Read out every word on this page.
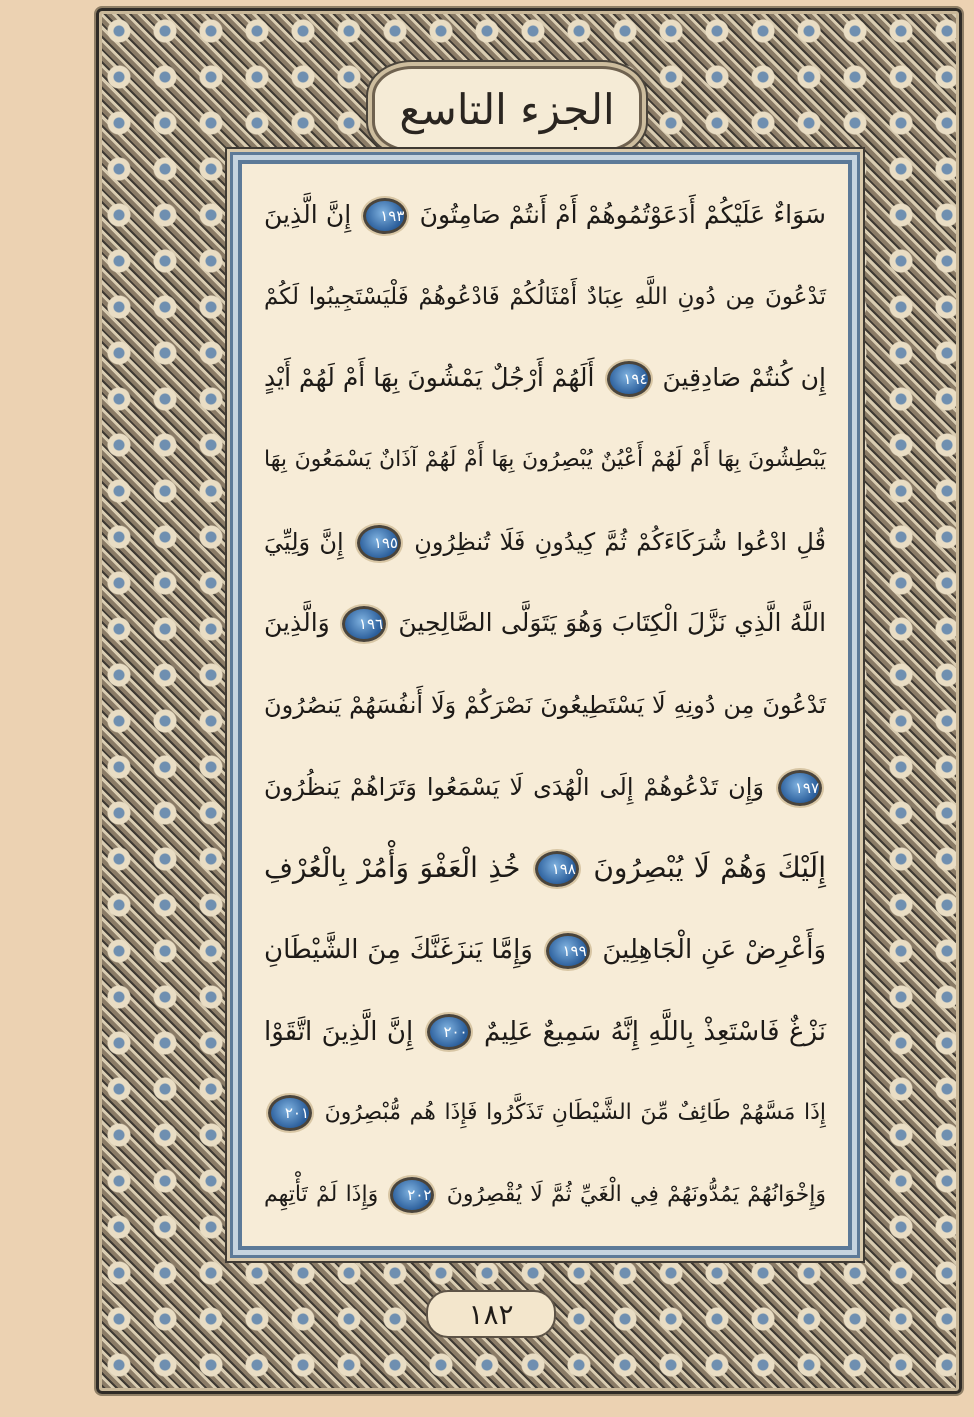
الجزء التاسع
سَوَاءٌ عَلَيْكُمْ أَدَعَوْتُمُوهُمْ أَمْ أَنتُمْ صَامِتُونَ ١٩٣ إِنَّ الَّذِينَ
تَدْعُونَ مِن دُونِ اللَّهِ عِبَادٌ أَمْثَالُكُمْ فَادْعُوهُمْ فَلْيَسْتَجِيبُوا لَكُمْ
إِن كُنتُمْ صَادِقِينَ ١٩٤ أَلَهُمْ أَرْجُلٌ يَمْشُونَ بِهَا أَمْ لَهُمْ أَيْدٍ
يَبْطِشُونَ بِهَا أَمْ لَهُمْ أَعْيُنٌ يُبْصِرُونَ بِهَا أَمْ لَهُمْ آذَانٌ يَسْمَعُونَ بِهَا
قُلِ ادْعُوا شُرَكَاءَكُمْ ثُمَّ كِيدُونِ فَلَا تُنظِرُونِ ١٩٥ إِنَّ وَلِيِّيَ
اللَّهُ الَّذِي نَزَّلَ الْكِتَابَ وَهُوَ يَتَوَلَّى الصَّالِحِينَ ١٩٦ وَالَّذِينَ
تَدْعُونَ مِن دُونِهِ لَا يَسْتَطِيعُونَ نَصْرَكُمْ وَلَا أَنفُسَهُمْ يَنصُرُونَ
١٩٧ وَإِن تَدْعُوهُمْ إِلَى الْهُدَى لَا يَسْمَعُوا وَتَرَاهُمْ يَنظُرُونَ
إِلَيْكَ وَهُمْ لَا يُبْصِرُونَ ١٩٨ خُذِ الْعَفْوَ وَأْمُرْ بِالْعُرْفِ
وَأَعْرِضْ عَنِ الْجَاهِلِينَ ١٩٩ وَإِمَّا يَنزَغَنَّكَ مِنَ الشَّيْطَانِ
نَزْغٌ فَاسْتَعِذْ بِاللَّهِ إِنَّهُ سَمِيعٌ عَلِيمٌ ٢٠٠ إِنَّ الَّذِينَ اتَّقَوْا
إِذَا مَسَّهُمْ طَائِفٌ مِّنَ الشَّيْطَانِ تَذَكَّرُوا فَإِذَا هُم مُّبْصِرُونَ ٢٠١
وَإِخْوَانُهُمْ يَمُدُّونَهُمْ فِي الْغَيِّ ثُمَّ لَا يُقْصِرُونَ ٢٠٢ وَإِذَا لَمْ تَأْتِهِم
١٨٢
